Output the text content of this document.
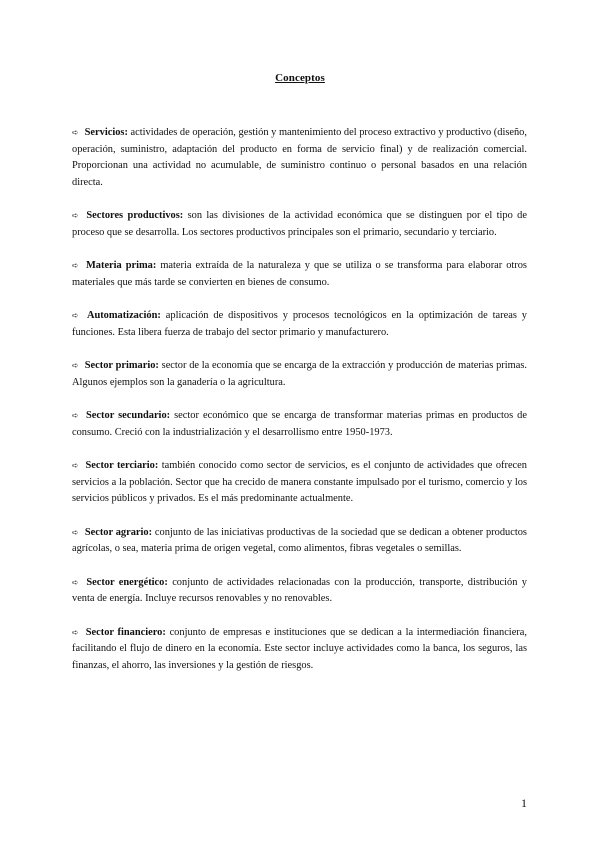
Conceptos

➪ Servicios: actividades de operación, gestión y mantenimiento del proceso extractivo y productivo (diseño, operación, suministro, adaptación del producto en forma de servicio final) y de realización comercial. Proporcionan una actividad no acumulable, de suministro continuo o personal basados en una relación directa.

➪ Sectores productivos: son las divisiones de la actividad económica que se distinguen por el tipo de proceso que se desarrolla. Los sectores productivos principales son el primario, secundario y terciario.

➪ Materia prima: materia extraída de la naturaleza y que se utiliza o se transforma para elaborar otros materiales que más tarde se convierten en bienes de consumo.

➪ Automatización: aplicación de dispositivos y procesos tecnológicos en la optimización de tareas y funciones. Esta libera fuerza de trabajo del sector primario y manufacturero.

➪ Sector primario: sector de la economía que se encarga de la extracción y producción de materias primas. Algunos ejemplos son la ganadería o la agricultura.

➪ Sector secundario: sector económico que se encarga de transformar materias primas en productos de consumo. Creció con la industrialización y el desarrollismo entre 1950-1973.

➪ Sector terciario: también conocido como sector de servicios, es el conjunto de actividades que ofrecen servicios a la población. Sector que ha crecido de manera constante impulsado por el turismo, comercio y los servicios públicos y privados. Es el más predominante actualmente.

➪ Sector agrario: conjunto de las iniciativas productivas de la sociedad que se dedican a obtener productos agrícolas, o sea, materia prima de origen vegetal, como alimentos, fibras vegetales o semillas.

➪ Sector energético: conjunto de actividades relacionadas con la producción, transporte, distribución y venta de energía. Incluye recursos renovables y no renovables.

➪ Sector financiero: conjunto de empresas e instituciones que se dedican a la intermediación financiera, facilitando el flujo de dinero en la economía. Este sector incluye actividades como la banca, los seguros, las finanzas, el ahorro, las inversiones y la gestión de riesgos.

1
